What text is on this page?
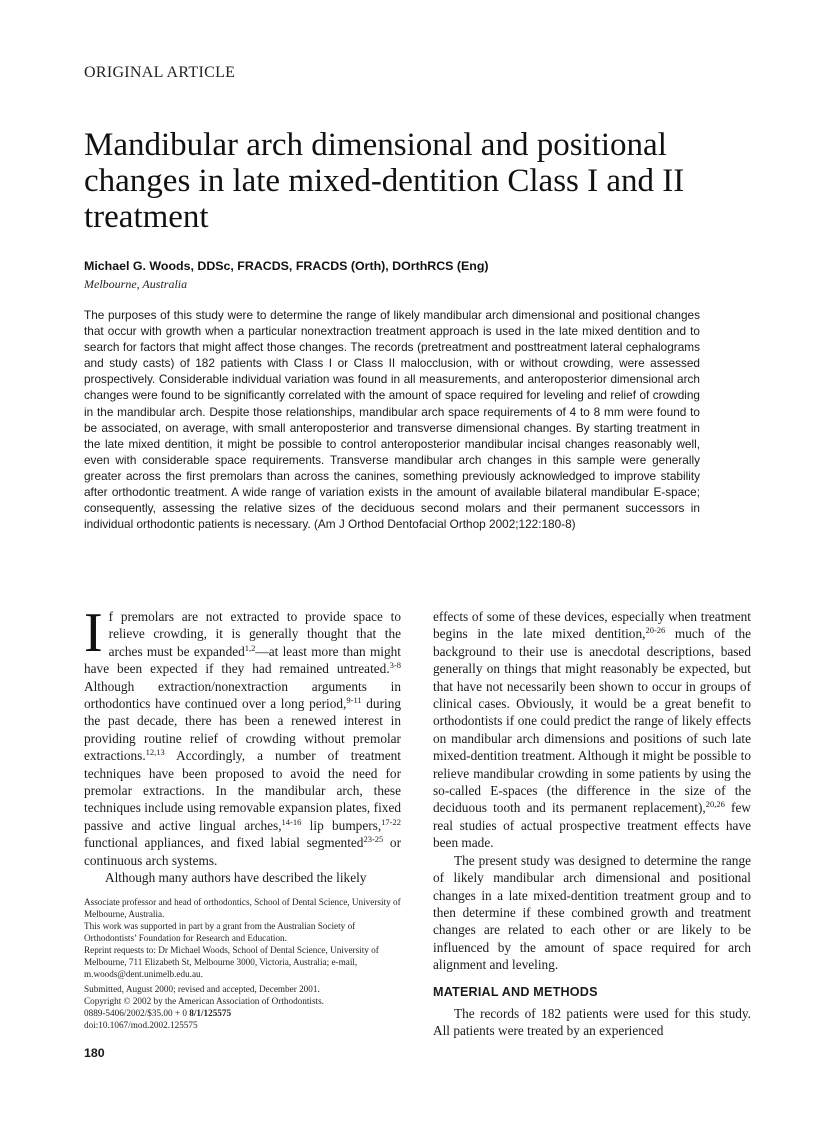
ORIGINAL ARTICLE
Mandibular arch dimensional and positional
changes in late mixed-dentition Class I and II
treatment
Michael G. Woods, DDSc, FRACDS, FRACDS (Orth), DOrthRCS (Eng)
Melbourne, Australia

The purposes of this study were to determine the range of likely mandibular arch dimensional and positional changes that occur with growth when a particular nonextraction treatment approach is used in the late mixed dentition and to search for factors that might affect those changes. The records (pretreatment and posttreatment lateral cephalograms and study casts) of 182 patients with Class I or Class II malocclusion, with or without crowding, were assessed prospectively. Considerable individual variation was found in all measurements, and anteroposterior dimensional arch changes were found to be significantly correlated with the amount of space required for leveling and relief of crowding in the mandibular arch. Despite those relationships, mandibular arch space requirements of 4 to 8 mm were found to be associated, on average, with small anteroposterior and transverse dimensional changes. By starting treatment in the late mixed dentition, it might be possible to control anteroposterior mandibular incisal changes reasonably well, even with considerable space requirements. Transverse mandibular arch changes in this sample were generally greater across the first premolars than across the canines, something previously acknowledged to improve stability after orthodontic treatment. A wide range of variation exists in the amount of available bilateral mandibular E-space; consequently, assessing the relative sizes of the deciduous second molars and their permanent successors in individual orthodontic patients is necessary. (Am J Orthod Dentofacial Orthop 2002;122:180-8)

If premolars are not extracted to provide space to relieve crowding, it is generally thought that the arches must be expanded$^{1,2}$—at least more than might have been expected if they had remained untreated.$^{3-8}$ Although extraction/nonextraction arguments in orthodontics have continued over a long period,$^{9-11}$ during the past decade, there has been a renewed interest in providing routine relief of crowding without premolar extractions.$^{12,13}$ Accordingly, a number of treatment techniques have been proposed to avoid the need for premolar extractions. In the mandibular arch, these techniques include using removable expansion plates, fixed passive and active lingual arches,$^{14-16}$ lip bumpers,$^{17-22}$ functional appliances, and fixed labial segmented$^{23-25}$ or continuous arch systems.

Although many authors have described the likely

Associate professor and head of orthodontics, School of Dental Science, University of Melbourne, Australia.
This work was supported in part by a grant from the Australian Society of Orthodontists’ Foundation for Research and Education.
Reprint requests to: Dr Michael Woods, School of Dental Science, University of Melbourne, 711 Elizabeth St, Melbourne 3000, Victoria, Australia; e-mail, m.woods@dent.unimelb.edu.au.
Submitted, August 2000; revised and accepted, December 2001.
Copyright © 2002 by the American Association of Orthodontists.
0889-5406/2002/$35.00 + 0 8/1/125575
doi:10.1067/mod.2002.125575

effects of some of these devices, especially when treatment begins in the late mixed dentition,$^{20-26}$ much of the background to their use is anecdotal descriptions, based generally on things that might reasonably be expected, but that have not necessarily been shown to occur in groups of clinical cases. Obviously, it would be a great benefit to orthodontists if one could predict the range of likely effects on mandibular arch dimensions and positions of such late mixed-dentition treatment. Although it might be possible to relieve mandibular crowding in some patients by using the so-called E-spaces (the difference in the size of the deciduous tooth and its permanent replacement),$^{20,26}$ few real studies of actual prospective treatment effects have been made.

The present study was designed to determine the range of likely mandibular arch dimensional and positional changes in a late mixed-dentition treatment group and to then determine if these combined growth and treatment changes are related to each other or are likely to be influenced by the amount of space required for arch alignment and leveling.

MATERIAL AND METHODS

The records of 182 patients were used for this study. All patients were treated by an experienced

180
